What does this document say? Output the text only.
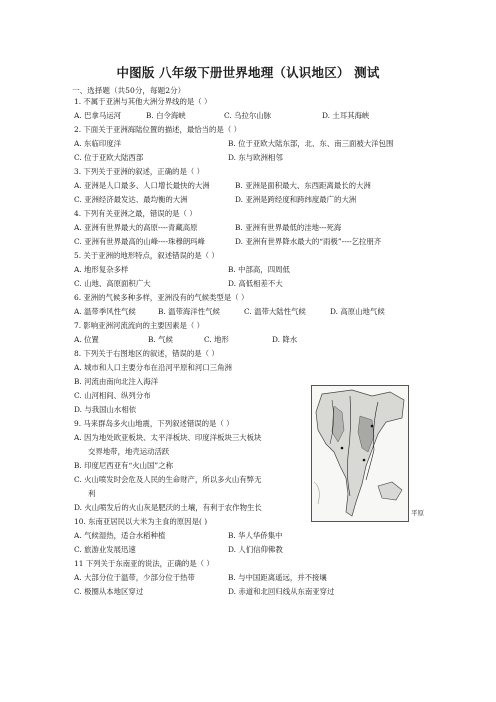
中图版 八年级下册世界地理（认识地区） 测试
一、选择题（共50分，每题2分）
1. 不属于亚洲与其他大洲分界线的是（ ）
A. 巴拿马运河	B. 白令海峡	C. 乌拉尔山脉	D. 土耳其海峡
2. 下面关于亚洲海陆位置的描述，最恰当的是（ ）
A. 东临印度洋	B. 位于亚欧大陆东部，北、东、南三面被大洋包围
C. 位于亚欧大陆西部	D. 东与欧洲相邻
3. 下列关于亚洲的叙述，正确的是（ ）
A. 亚洲是人口最多、人口增长最快的大洲	B. 亚洲是面积最大、东西距离最长的大洲
C. 亚洲经济最发达、最均衡的大洲	D. 亚洲是跨经度和跨纬度最广的大洲
4. 下列有关亚洲之最，错误的是（ ）
A. 亚洲有世界最大的高原----青藏高原	B. 亚洲有世界最低的洼地---死海
C. 亚洲有世界最高的山峰----珠穆朗玛峰	D. 亚洲有世界降水最大的“雨极”----乞拉朋齐
5. 关于亚洲的地形特点，叙述错误的是（ ）
A. 地形复杂多样	B. 中部高，四周低
C. 山地、高原面积广大	D. 高低相差不大
6. 亚洲的气候多种多样，亚洲没有的气候类型是（ ）
A. 温带季风性气候	B. 温带海洋性气候	C. 温带大陆性气候	D. 高原山地气候
7. 影响亚洲河流流向的主要因素是（ ）
A. 位置	B. 气候	C. 地形	D. 降水
8. 下列关于右图地区的叙述，错误的是（ ）
A. 城市和人口主要分布在沿河平原和河口三角洲
B. 河流由南向北注入海洋
C. 山河相间、纵列分布
D. 与我国山水相依
9. 马来群岛多火山地震，下列叙述错误的是（ ）
A. 因为地处欧亚板块、太平洋板块、印度洋板块三大板块
交界地带，地壳运动活跃
B. 印度尼西亚有“火山国”之称
C. 火山喷发时会危及人民的生命财产，所以多火山有弊无
利
D. 火山喷发后的火山灰是肥沃的土壤，有利于农作物生长
10. 东南亚居民以大米为主食的原因是( )
A. 气候湿热，适合水稻种植	B. 华人华侨集中
C. 旅游业发展迅速	D. 人们信仰佛教
11 下列关于东南亚的说法，正确的是（ ）
A. 大部分位于温带，少部分位于热带	B. 与中国距离遥远，并不接壤
C. 极圈从本地区穿过	D. 赤道和北回归线从东南亚穿过
平原
